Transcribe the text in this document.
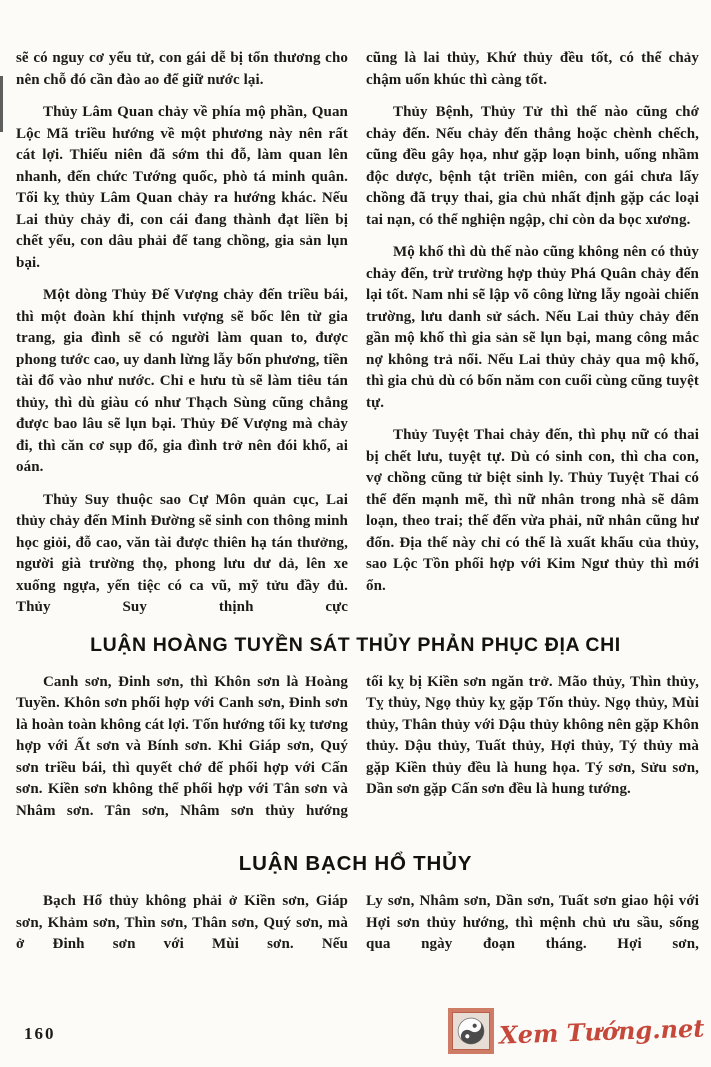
sẽ có nguy cơ yểu tử, con gái dễ bị tổn thương cho nên chỗ đó cần đào ao để giữ nước lại.

Thủy Lâm Quan chảy về phía mộ phần, Quan Lộc Mã triều hướng về một phương này nên rất cát lợi. Thiếu niên đã sớm thi đỗ, làm quan lên nhanh, đến chức Tướng quốc, phò tá minh quân. Tối kỵ thủy Lâm Quan chảy ra hướng khác. Nếu Lai thủy chảy đi, con cái đang thành đạt liền bị chết yểu, con dâu phải để tang chồng, gia sản lụn bại.

Một dòng Thủy Đế Vượng chảy đến triều bái, thì một đoàn khí thịnh vượng sẽ bốc lên từ gia trang, gia đình sẽ có người làm quan to, được phong tước cao, uy danh lừng lẫy bốn phương, tiền tài đổ vào như nước. Chỉ e hưu tù sẽ làm tiêu tán thủy, thì dù giàu có như Thạch Sùng cũng chẳng được bao lâu sẽ lụn bại. Thủy Đế Vượng mà chảy đi, thì căn cơ sụp đổ, gia đình trở nên đói khổ, ai oán.

Thủy Suy thuộc sao Cự Môn quản cục, Lai thủy chảy đến Minh Đường sẽ sinh con thông minh học giỏi, đỗ cao, văn tài được thiên hạ tán thưởng, người già trường thọ, phong lưu dư dả, lên xe xuống ngựa, yến tiệc có ca vũ, mỹ tửu đầy đủ. Thủy Suy thịnh cực

cũng là lai thủy, Khứ thủy đều tốt, có thể chảy chậm uốn khúc thì càng tốt.

Thủy Bệnh, Thủy Tử thì thế nào cũng chớ chảy đến. Nếu chảy đến thẳng hoặc chènh chếch, cũng đều gây họa, như gặp loạn binh, uống nhầm độc dược, bệnh tật triền miên, con gái chưa lấy chồng đã trụy thai, gia chủ nhất định gặp các loại tai nạn, có thể nghiện ngập, chỉ còn da bọc xương.

Mộ khố thì dù thế nào cũng không nên có thủy chảy đến, trừ trường hợp thủy Phá Quân chảy đến lại tốt. Nam nhi sẽ lập võ công lừng lẫy ngoài chiến trường, lưu danh sử sách. Nếu Lai thủy chảy đến gần mộ khố thì gia sản sẽ lụn bại, mang công mắc nợ không trả nổi. Nếu Lai thủy chảy qua mộ khố, thì gia chủ dù có bốn năm con cuối cùng cũng tuyệt tự.

Thủy Tuyệt Thai chảy đến, thì phụ nữ có thai bị chết lưu, tuyệt tự. Dù có sinh con, thì cha con, vợ chồng cũng tử biệt sinh ly. Thủy Tuyệt Thai có thể đến mạnh mẽ, thì nữ nhân trong nhà sẽ dâm loạn, theo trai; thế đến vừa phải, nữ nhân cũng hư đốn. Địa thế này chỉ có thể là xuất khẩu của thủy, sao Lộc Tồn phối hợp với Kim Ngư thủy thì mới ổn.

LUẬN HOÀNG TUYỀN SÁT THỦY PHẢN PHỤC ĐỊA CHI

Canh sơn, Đinh sơn, thì Khôn sơn là Hoàng Tuyền. Khôn sơn phối hợp với Canh sơn, Đinh sơn là hoàn toàn không cát lợi. Tốn hướng tối kỵ tương hợp với Ất sơn và Bính sơn. Khi Giáp sơn, Quý sơn triều bái, thì quyết chớ để phối hợp với Cấn sơn. Kiền sơn không thể phối hợp với Tân sơn và Nhâm sơn. Tân sơn, Nhâm sơn thủy hướng

tối kỵ bị Kiền sơn ngăn trở. Mão thủy, Thìn thủy, Tỵ thủy, Ngọ thủy kỵ gặp Tốn thủy. Ngọ thủy, Mùi thủy, Thân thủy với Dậu thủy không nên gặp Khôn thủy. Dậu thủy, Tuất thủy, Hợi thủy, Tý thủy mà gặp Kiền thủy đều là hung họa. Tý sơn, Sửu sơn, Dần sơn gặp Cấn sơn đều là hung tướng.

LUẬN BẠCH HỔ THỦY

Bạch Hổ thủy không phải ở Kiền sơn, Giáp sơn, Khảm sơn, Thìn sơn, Thân sơn, Quý sơn, mà ở Đinh sơn với Mùi sơn. Nếu

Ly sơn, Nhâm sơn, Dần sơn, Tuất sơn giao hội với Hợi sơn thủy hướng, thì mệnh chủ ưu sầu, sống qua ngày đoạn tháng. Hợi sơn,

160	Xem Tướng.net
